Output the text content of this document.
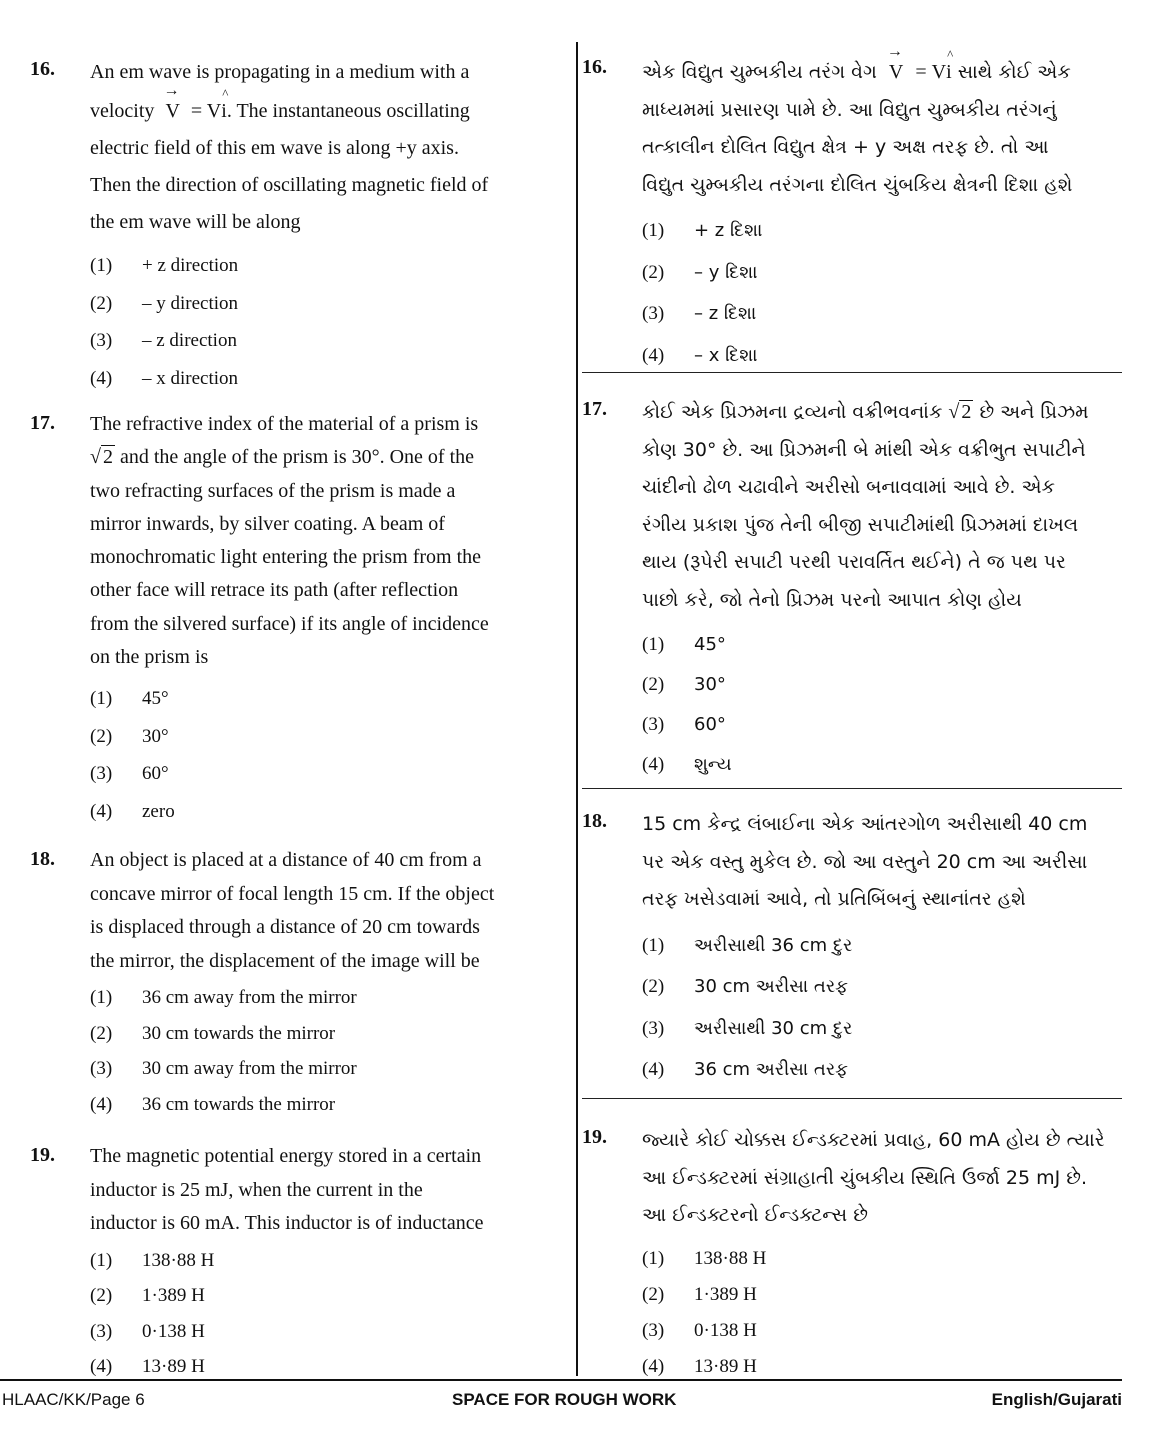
16. An em wave is propagating in a medium with a
velocity
→
V = V
^
i. The instantaneous oscillating
electric field of this em wave is along +y axis.
Then the direction of oscillating magnetic field of
the em wave will be along
(1)	+ z direction
(2)	– y direction
(3)	– z direction
(4)	– x direction
17. The refractive index of the material of a prism is
√ 2 and the angle of the prism is 30°. One of the
two refracting surfaces of the prism is made a
mirror inwards, by silver coating. A beam of
monochromatic light entering the prism from the
other face will retrace its path (after reflection
from the silvered surface) if its angle of incidence
on the prism is
(1)	45°
(2)	30°
(3)	60°
(4)	zero
18. An object is placed at a distance of 40 cm from a
concave mirror of focal length 15 cm. If the object
is displaced through a distance of 20 cm towards
the mirror, the displacement of the image will be
(1)	36 cm away from the mirror
(2)	30 cm towards the mirror
(3)	30 cm away from the mirror
(4)	36 cm towards the mirror
19. The magnetic potential energy stored in a certain
inductor is 25 mJ, when the current in the
inductor is 60 mA. This inductor is of inductance
(1)	138·88 H
(2)	1·389 H
(3)	0·138 H
(4)	13·89 H
16. એક વિદ્યુત ચુમ્બકીય તરંગ વેગ
→
V = V
^
i સાથે કોઈ એક
માધ્યમમાં પ્રસારણ પામે છે. આ વિદ્યુત ચુમ્બકીય તરંગનું
તત્કાલીન દોલિત વિદ્યુત ક્ષેત્ર + y અક્ષ તરફ છે. તો આ
વિદ્યુત ચુમ્બકીય તરંગના દોલિત ચુંબકિય ક્ષેત્રની દિશા હશે
(1)	+ z દિશા
(2)	– y દિશા
(3)	– z દિશા
(4)	– x દિશા
17. કોઈ એક પ્રિઝમના દ્રવ્યનો વક્રીભવનાંક √ 2 છે અને પ્રિઝમ
કોણ 30° છે. આ પ્રિઝમની બે માંથી એક વક્રીભુત સપાટીને
ચાંદીનો ઢોળ ચઢાવીને અરીસો બનાવવામાં આવે છે. એક
રંગીય પ્રકાશ પુંજ તેની બીજી સપાટીમાંથી પ્રિઝમમાં દાખલ
થાય (રૂપેરી સપાટી પરથી પરાવર્તિત થઈને) તે જ પથ પર
પાછો કરે, જો તેનો પ્રિઝમ પરનો આપાત કોણ હોય
(1)	45°
(2)	30°
(3)	60°
(4)	શુન્ય
18. 15 cm કેન્દ્ર લંબાઈના એક આંતરગોળ અરીસાથી 40 cm
પર એક વસ્તુ મુકેલ છે. જો આ વસ્તુને 20 cm આ અરીસા
તરફ ખસેડવામાં આવે, તો પ્રતિબિંબનું સ્થાનાંતર હશે
(1)	અરીસાથી 36 cm દુર
(2)	30 cm અરીસા તરફ
(3)	અરીસાથી 30 cm દુર
(4)	36 cm અરીસા તરફ
19. જ્યારે કોઈ ચોક્કસ ઈન્ડક્ટરમાં પ્રવાહ, 60 mA હોય છે ત્યારે
આ ઈન્ડક્ટરમાં સંગ્રાહાતી ચુંબકીય સ્થિતિ ઉર્જા 25 mJ છે.
આ ઈન્ડક્ટરનો ઈન્ડક્ટન્સ છે
(1)	138·88 H
(2)	1·389 H
(3)	0·138 H
(4)	13·89 H
HLAAC/KK/Page 6	SPACE FOR ROUGH WORK	English/Gujarati
